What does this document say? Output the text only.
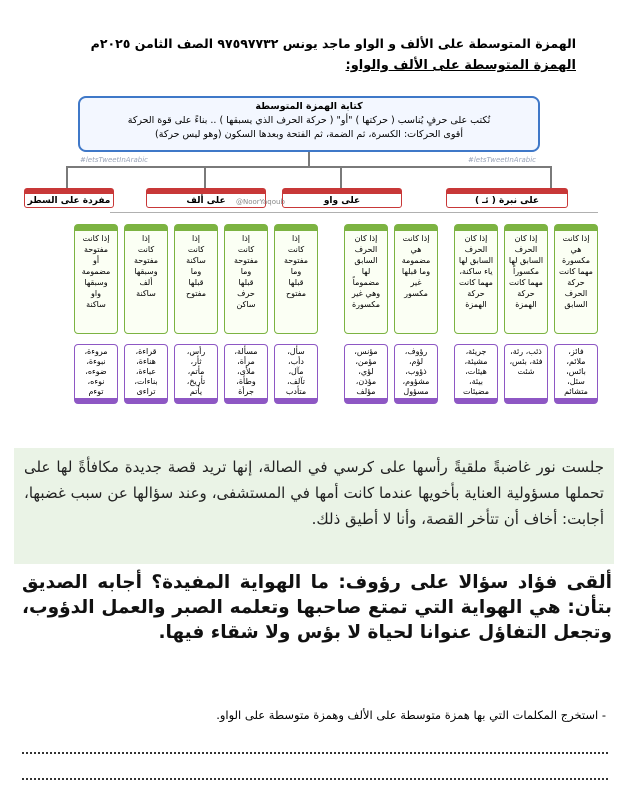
الهمزة المتوسطة على الألف و الواو ماجد يونس ٩٧٥٩٧٧٣٢ الصف الثامن ٢٠٢٥م
الهمزة المتوسطة على الألف والواو:
كتابة الهمزة المتوسطة
تُكتب على حرفٍ يُناسب ( حركتها ) "أو" ( حركة الحرف الذي يسبقها ) .. بناءً على قوة الحركة
أقوى الحركات: الكسرة، ثم الضمة، ثم الفتحة وبعدها السكون (وهو ليس حركة)
#letsTweetInArabic	#letsTweetInArabic
على نبرة ( ئـ )
على واو
على ألف
مفردة على السطر	@NoorYaqoub
إذا كانت
هي
مكسورة
مهما كانت
حركة
الحرف
السابق
إذا كان
الحرف
السابق لها
مكسوراً
مهما كانت
حركة
الهمزة
إذا كان
الحرف
السابق لها
ياء ساكنة،
مهما كانت
حركة
الهمزة
إذا كانت
هي
مضمومة
وما قبلها
غير
مكسور
إذا كان
الحرف
السابق
لها
مضموماً
وهي غير
مكسورة
إذا
كانت
مفتوحة
وما
قبلها
مفتوح
إذا
كانت
مفتوحة
وما
قبلها
حرف
ساكن
إذا
كانت
ساكنة
وما
قبلها
مفتوح
إذا
كانت
مفتوحة
وسبقها
ألف
ساكنة
إذا كانت
مفتوحة
أو
مضمومة
وسبقها
واو
ساكنة
فائز،
ملائم،
بائس،
سئل،
متشائم
ذئب، رئة،
فئة، بئس،
شئت
جريئة،
مشيئة،
هيئات،
بيئة،
مضيئات
رؤوف،
لؤم،
ذؤوب،
مشؤوم،
مسؤول
مؤنس،
مؤمن،
لؤي،
مؤذن،
مؤلف
سأل،
دأب،
مآل،
تآلف،
متأدب
مسألة،
مرأة،
ملأى،
وطأة،
جرأة
رأس،
ثأر،
مأتم،
تأريخ،
يأتم
قراءة،
هناءة،
عباءة،
بناءات،
تراءى
مروءة،
نبوءة،
ضوءه،
نوءه،
توءم

جلست نور غاضبةً ملقيةً رأسها على كرسي في الصالة، إنها تريد قصة جديدة مكافأةً لها على تحملها مسؤولية العناية بأخويها عندما كانت أمها في المستشفى، وعند سؤالها عن سبب غضبها، أجابت: أخاف أن تتأخر القصة، وأنا لا أطيق ذلك.

ألقى فؤاد سؤالا على رؤوف: ما الهواية المفيدة؟ أجابه الصديق بتأن: هي الهواية التي تمتع صاحبها وتعلمه الصبر والعمل الدؤوب، وتجعل التفاؤل عنوانا لحياة لا بؤس ولا شقاء فيها.

- استخرج المكلمات التي بها همزة متوسطة على الألف وهمزة متوسطة على الواو.
